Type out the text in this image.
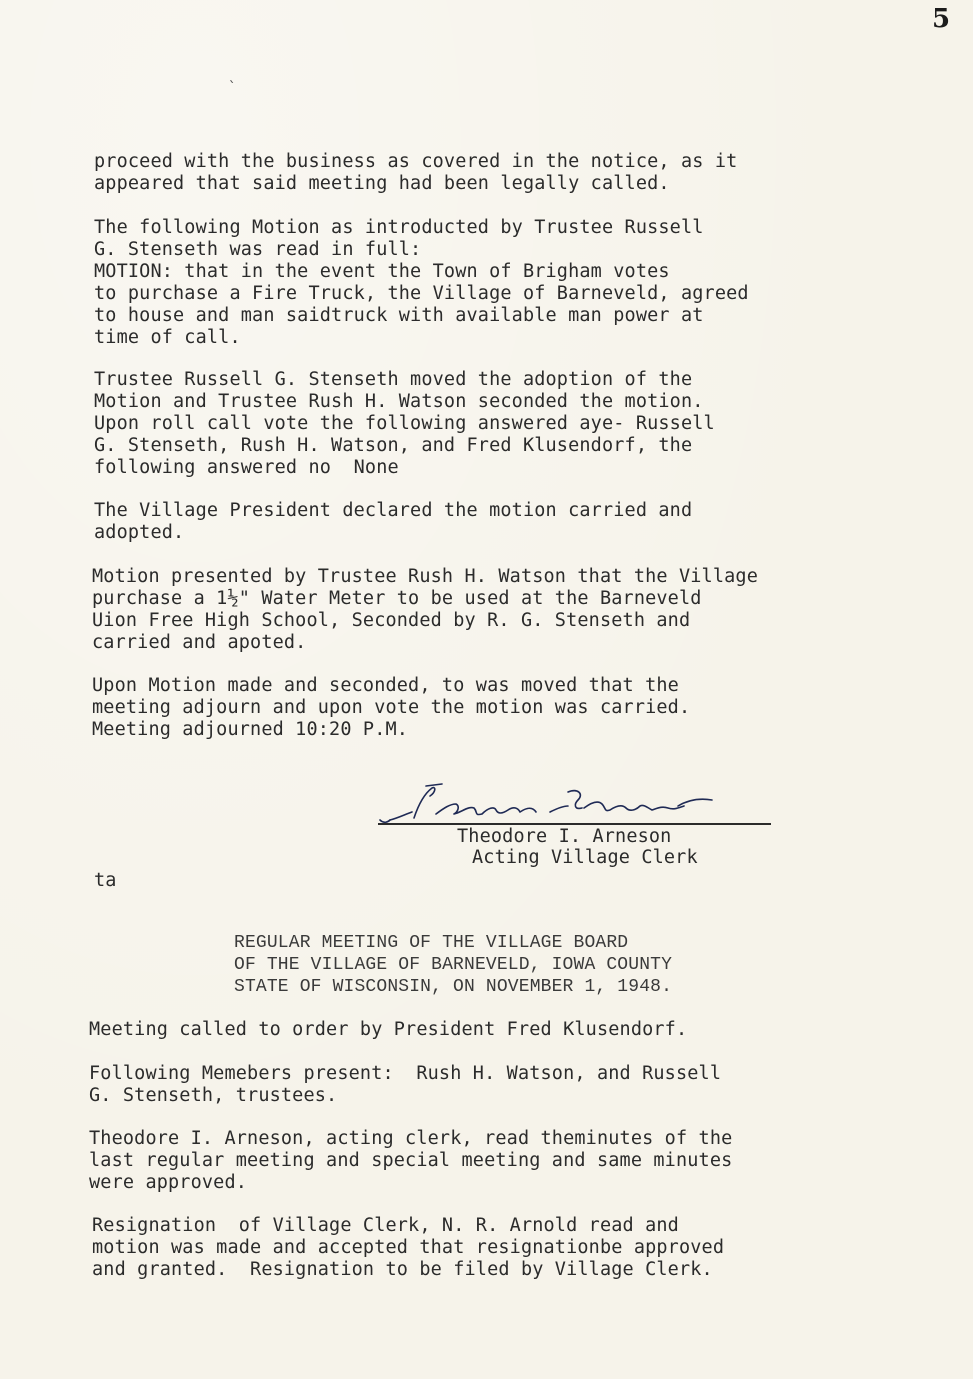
5
`

proceed with the business as covered in the notice, as it
appeared that said meeting had been legally called.

The following Motion as introducted by Trustee Russell
G. Stenseth was read in full:
MOTION: that in the event the Town of Brigham votes
to purchase a Fire Truck, the Village of Barneveld, agreed
to house and man saidtruck with available man power at
time of call.

Trustee Russell G. Stenseth moved the adoption of the
Motion and Trustee Rush H. Watson seconded the motion.
Upon roll call vote the following answered aye- Russell
G. Stenseth, Rush H. Watson, and Fred Klusendorf, the
following answered no  None

The Village President declared the motion carried and
adopted.

Motion presented by Trustee Rush H. Watson that the Village
purchase a 1½" Water Meter to be used at the Barneveld
Uion Free High School, Seconded by R. G. Stenseth and
carried and apoted.

Upon Motion made and seconded, to was moved that the
meeting adjourn and upon vote the motion was carried.
Meeting adjourned 10:20 P.M.

Theodore I. Arneson

Acting Village Clerk

ta

REGULAR MEETING OF THE VILLAGE BOARD
OF THE VILLAGE OF BARNEVELD, IOWA COUNTY
STATE OF WISCONSIN, ON NOVEMBER 1, 1948.

Meeting called to order by President Fred Klusendorf.

Following Memebers present:  Rush H. Watson, and Russell
G. Stenseth, trustees.

Theodore I. Arneson, acting clerk, read theminutes of the
last regular meeting and special meeting and same minutes
were approved.

Resignation  of Village Clerk, N. R. Arnold read and
motion was made and accepted that resignationbe approved
and granted.  Resignation to be filed by Village Clerk.
